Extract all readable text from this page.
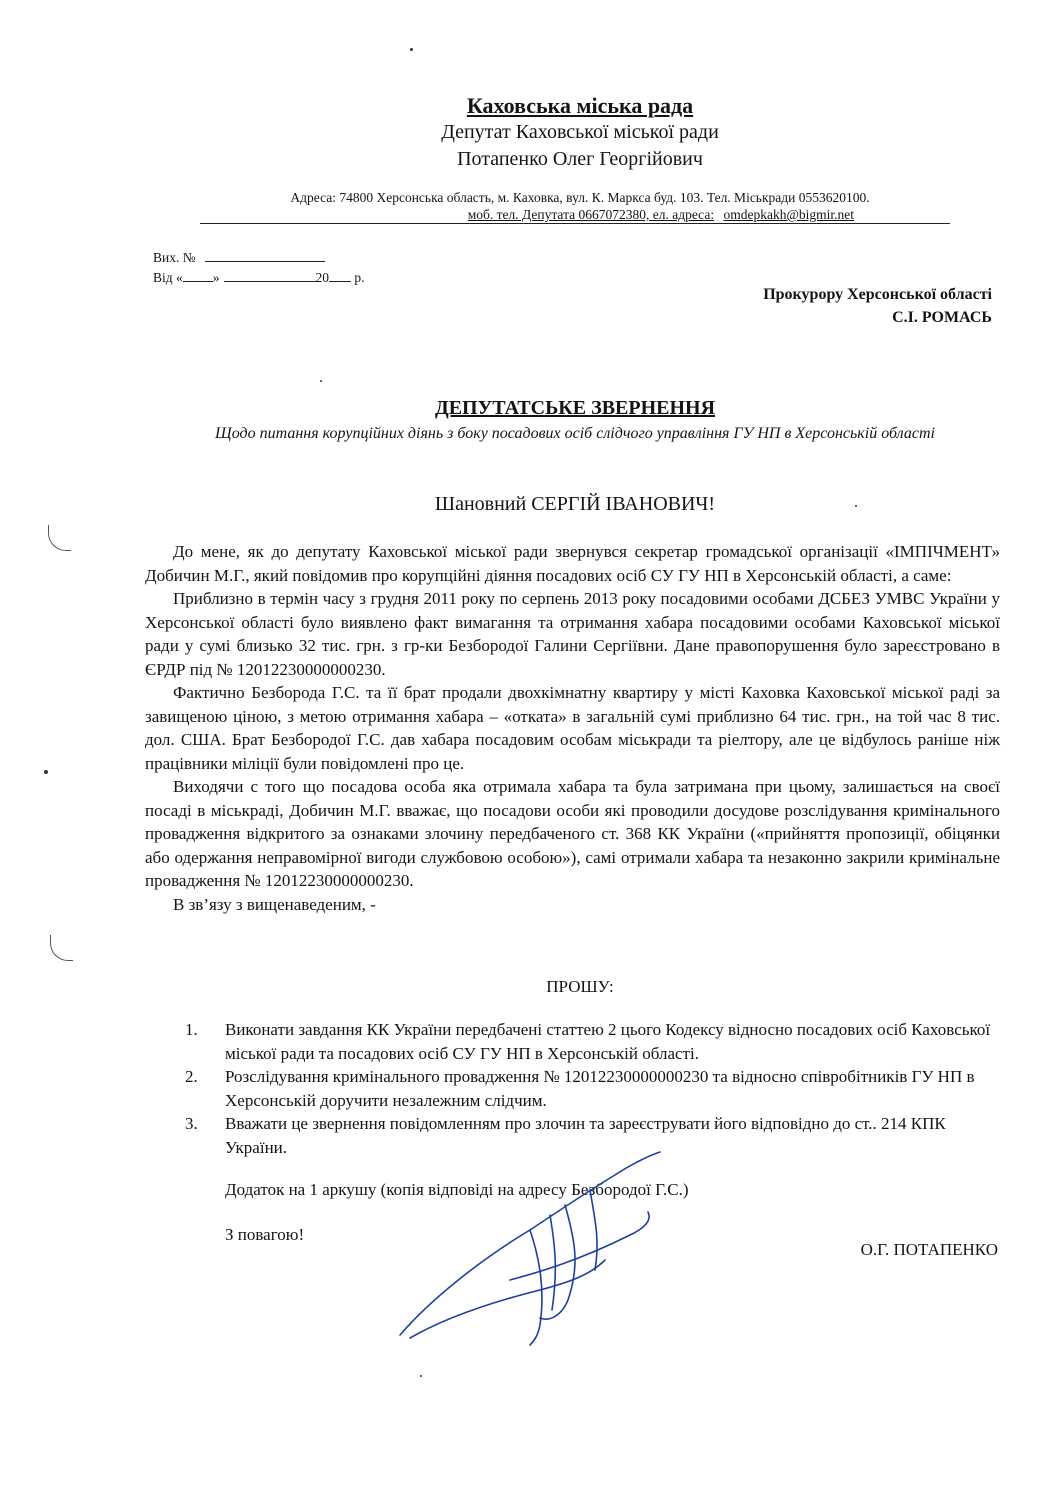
Каховська міська рада
Депутат Каховської міської ради
Потапенко Олег Георгійович
Адреса: 74800 Херсонська область, м. Каховка, вул. К. Маркса буд. 103. Тел. Міськради 0553620100.
моб. тел. Депутата 0667072380, ел. адреса: omdepkakh@bigmir.net
Вих. №
Від « »	20 р.
Прокурору Херсонської області
С.І. РОМАСЬ
ДЕПУТАТСЬКЕ ЗВЕРНЕННЯ
Щодо питання корупційних діянь з боку посадових осіб слідчого управління ГУ НП в Херсонській області
Шановний СЕРГІЙ ІВАНОВИЧ!

До мене, як до депутату Каховської міської ради звернувся секретар громадської організації «ІМПІЧМЕНТ» Добичин М.Г., який повідомив про корупційні діяння посадових осіб СУ ГУ НП в Херсонській області, а саме:

Приблизно в термін часу з грудня 2011 року по серпень 2013 року посадовими особами ДСБЕЗ УМВС України у Херсонської області було виявлено факт вимагання та отримання хабара посадовими особами Каховської міської ради у сумі близько 32 тис. грн. з гр-ки Безбородої Галини Сергіївни. Дане правопорушення було зареєстровано в ЄРДР під № 12012230000000230.

Фактично Безборода Г.С. та її брат продали двохкімнатну квартиру у місті Каховка Каховської міської раді за завищеною ціною, з метою отримання хабара – «отката» в загальній сумі приблизно 64 тис. грн., на той час 8 тис. дол. США. Брат Безбородої Г.С. дав хабара посадовим особам міськради та ріелтору, але це відбулось раніше ніж працівники міліції були повідомлені про це.

Виходячи с того що посадова особа яка отримала хабара та була затримана при цьому, залишається на своєї посаді в міськраді, Добичин М.Г. вважає, що посадови особи які проводили досудове розслідування кримінального провадження відкритого за ознаками злочину передбаченого ст. 368 КК України («прийняття пропозиції, обіцянки або одержання неправомірної вигоди службовою особою»), самі отримали хабара та незаконно закрили кримінальне провадження № 12012230000000230.

В зв’язу з вищенаведеним, -

ПРОШУ:
1. Виконати завдання КК України передбачені статтею 2 цього Кодексу відносно посадових осіб Каховської міської ради та посадових осіб СУ ГУ НП в Херсонській області.
2. Розслідування кримінального провадження № 12012230000000230 та відносно співробітників ГУ НП в Херсонській доручити незалежним слідчим.
3. Вважати це звернення повідомленням про злочин та зареєструвати його відповідно до ст.. 214 КПК України.
Додаток на 1 аркушу (копія відповіді на адресу Безбородої Г.С.)
З повагою!
О.Г. ПОТАПЕНКО
